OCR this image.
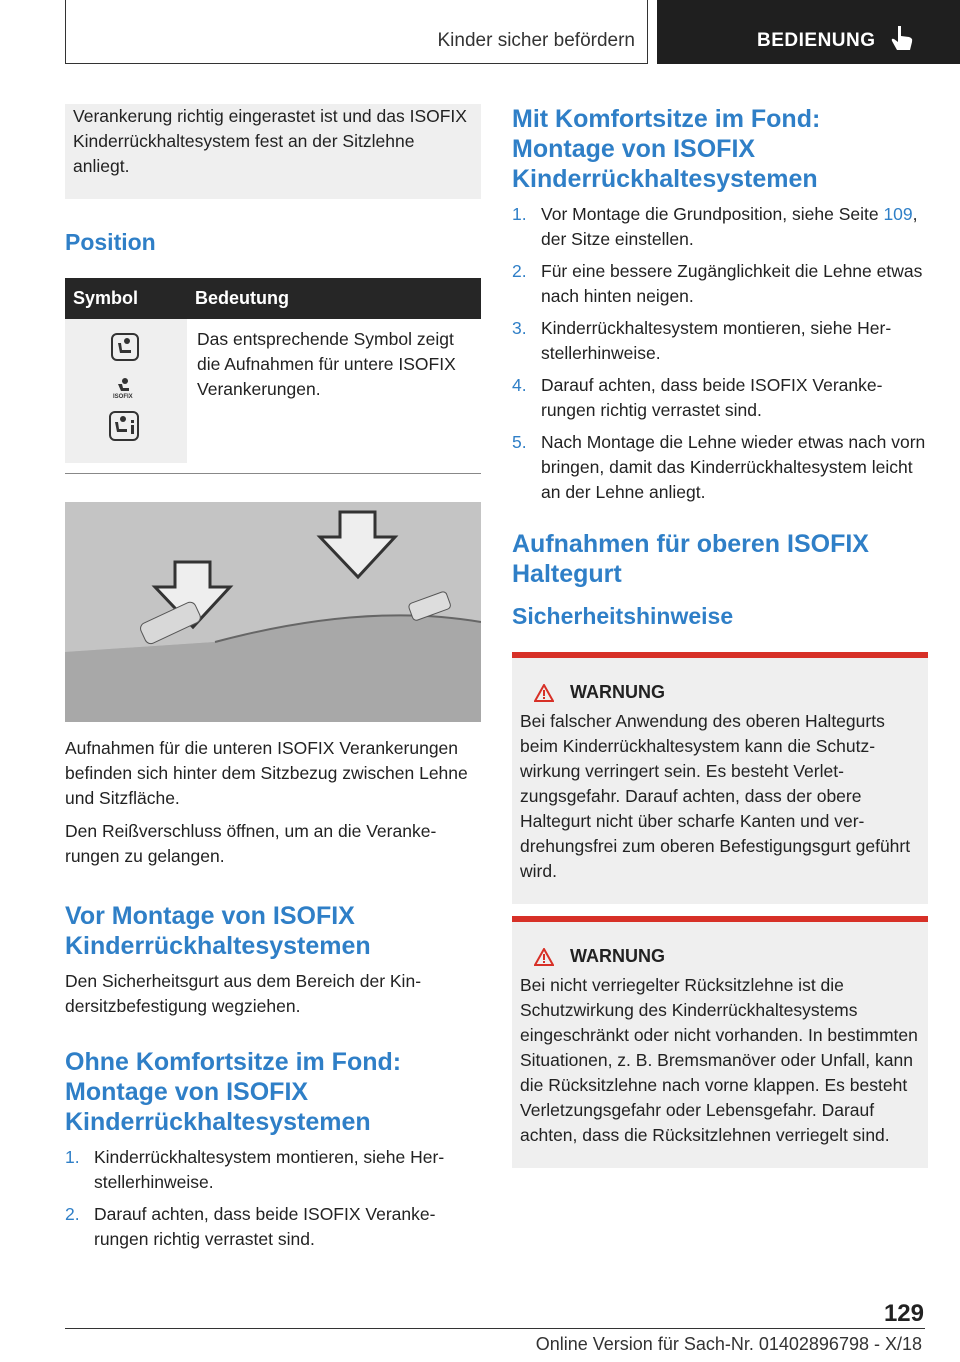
Kinder sicher befördern	BEDIENUNG

Verankerung richtig eingerastet ist und das ISOFIX Kinderrückhaltesystem fest an der Sitzlehne anliegt.

Position
Symbol	Bedeutung

ISOFIX	Das entsprechende Symbol zeigt die Aufnahmen für untere ISOFIX Verankerungen.

Aufnahmen für die unteren ISOFIX Verankerungen befinden sich hinter dem Sitzbezug zwischen Lehne und Sitzfläche.

Den Reißverschluss öffnen, um an die Verankerungen zu gelangen.

Vor Montage von ISOFIX Kinderrückhaltesystemen

Den Sicherheitsgurt aus dem Bereich der Kindersitzbefestigung wegziehen.

Ohne Komfortsitze im Fond: Montage von ISOFIX Kinderrückhaltesystemen
1. Kinderrückhaltesystem montieren, siehe Herstellerhinweise.
2. Darauf achten, dass beide ISOFIX Verankerungen richtig verrastet sind.
Mit Komfortsitze im Fond: Montage von ISOFIX Kinderrückhaltesystemen
1. Vor Montage die Grundposition, siehe Seite 109, der Sitze einstellen.
2. Für eine bessere Zugänglichkeit die Lehne etwas nach hinten neigen.
3. Kinderrückhaltesystem montieren, siehe Herstellerhinweise.
4. Darauf achten, dass beide ISOFIX Verankerungen richtig verrastet sind.
5. Nach Montage die Lehne wieder etwas nach vorn bringen, damit das Kinderrückhaltesystem leicht an der Lehne anliegt.
Aufnahmen für oberen ISOFIX Haltegurt
Sicherheitshinweise
WARNUNG

Bei falscher Anwendung des oberen Haltegurts beim Kinderrückhaltesystem kann die Schutzwirkung verringert sein. Es besteht Verletzungsgefahr. Darauf achten, dass der obere Haltegurt nicht über scharfe Kanten und verdrehungsfrei zum oberen Befestigungsgurt geführt wird.

WARNUNG

Bei nicht verriegelter Rücksitzlehne ist die Schutzwirkung des Kinderrückhaltesystems eingeschränkt oder nicht vorhanden. In bestimmten Situationen, z. B. Bremsmanöver oder Unfall, kann die Rücksitzlehne nach vorne klappen. Es besteht Verletzungsgefahr oder Lebensgefahr. Darauf achten, dass die Rücksitzlehnen verriegelt sind.

129
Online Version für Sach-Nr. 01402896798 - X/18
